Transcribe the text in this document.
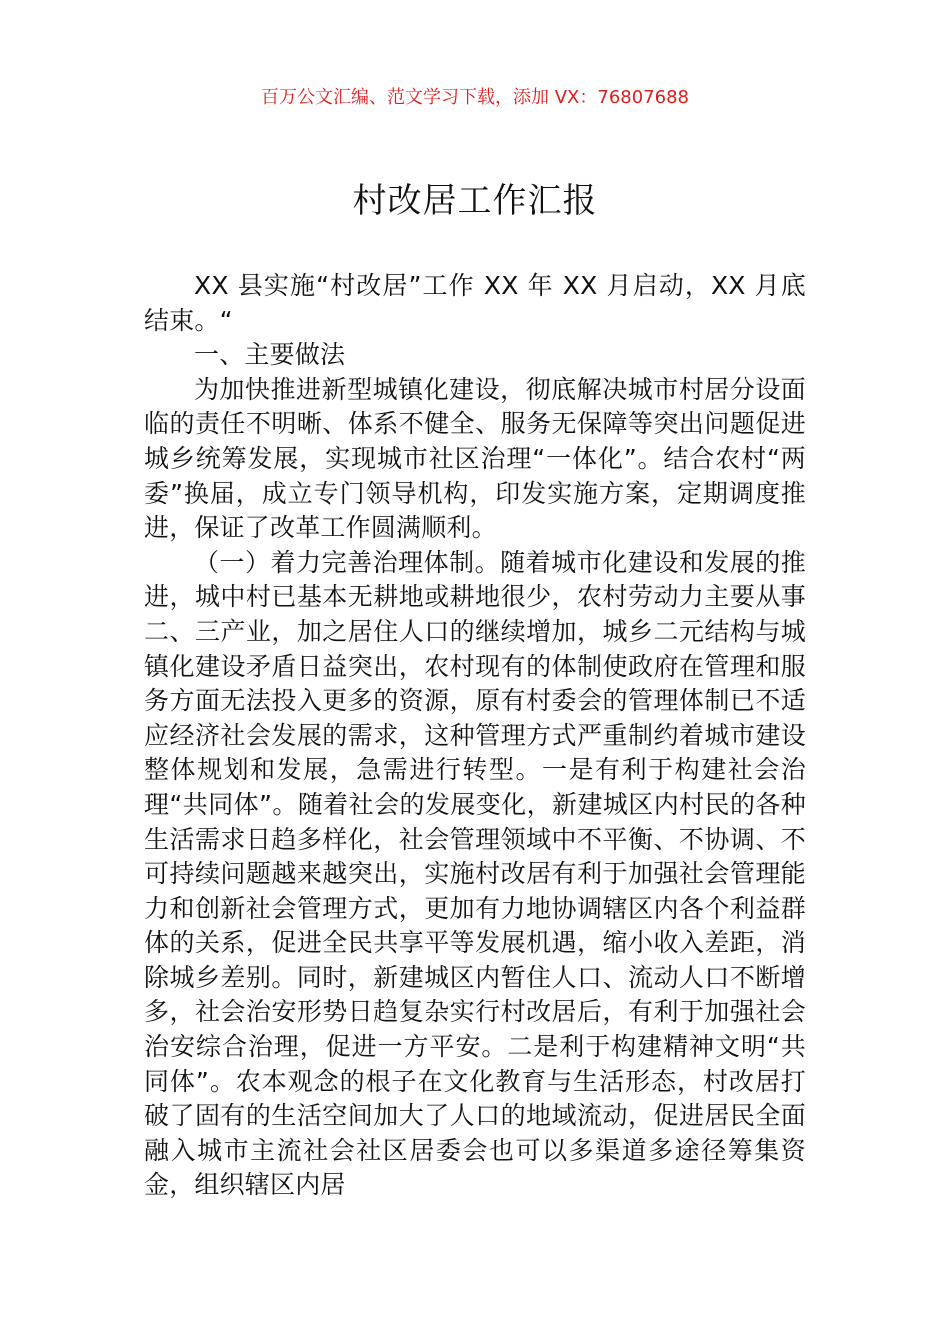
百万公文汇编、范文学习下载，添加 VX：76807688
村改居工作汇报

XX 县实施“村改居”工作 XX 年 XX 月启动，XX 月底结束。“

一、主要做法

为加快推进新型城镇化建设，彻底解决城市村居分设面临的责任不明晰、体系不健全、服务无保障等突出问题促进城乡统筹发展，实现城市社区治理“一体化”。结合农村“两委”换届，成立专门领导机构，印发实施方案，定期调度推进，保证了改革工作圆满顺利。

（一）着力完善治理体制。随着城市化建设和发展的推进，城中村已基本无耕地或耕地很少，农村劳动力主要从事二、三产业，加之居住人口的继续增加，城乡二元结构与城镇化建设矛盾日益突出，农村现有的体制使政府在管理和服务方面无法投入更多的资源，原有村委会的管理体制已不适应经济社会发展的需求，这种管理方式严重制约着城市建设整体规划和发展，急需进行转型。一是有利于构建社会治理“共同体”。随着社会的发展变化，新建城区内村民的各种生活需求日趋多样化，社会管理领域中不平衡、不协调、不可持续问题越来越突出，实施村改居有利于加强社会管理能力和创新社会管理方式，更加有力地协调辖区内各个利益群体的关系，促进全民共享平等发展机遇，缩小收入差距，消除城乡差别。同时，新建城区内暂住人口、流动人口不断增多，社会治安形势日趋复杂实行村改居后，有利于加强社会治安综合治理，促进一方平安。二是利于构建精神文明“共同体”。农本观念的根子在文化教育与生活形态，村改居打破了固有的生活空间加大了人口的地域流动，促进居民全面融入城市主流社会社区居委会也可以多渠道多途径筹集资金，组织辖区内居
